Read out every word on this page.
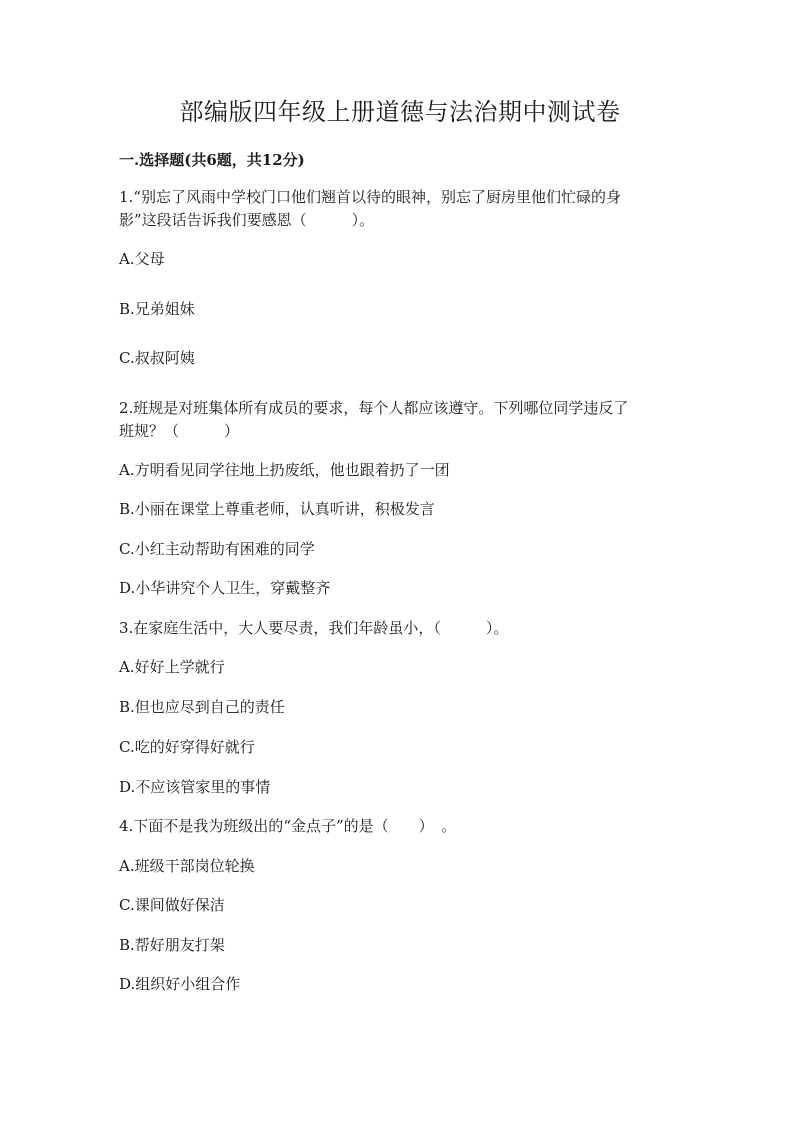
部编版四年级上册道德与法治期中测试卷
一.选择题(共6题，共12分)
1.“别忘了风雨中学校门口他们翘首以待的眼神，别忘了厨房里他们忙碌的身
影”这段话告诉我们要感恩（　　　）。
A.父母
B.兄弟姐妹
C.叔叔阿姨
2.班规是对班集体所有成员的要求，每个人都应该遵守。下列哪位同学违反了
班规？（　　　）
A.方明看见同学往地上扔废纸，他也跟着扔了一团
B.小丽在课堂上尊重老师，认真听讲，积极发言
C.小红主动帮助有困难的同学
D.小华讲究个人卫生，穿戴整齐
3.在家庭生活中，大人要尽责，我们年龄虽小，（　　　）。
A.好好上学就行
B.但也应尽到自己的责任
C.吃的好穿得好就行
D.不应该管家里的事情
4.下面不是我为班级出的“金点子”的是（　　）　。
A.班级干部岗位轮换
C.课间做好保洁
B.帮好朋友打架
D.组织好小组合作
